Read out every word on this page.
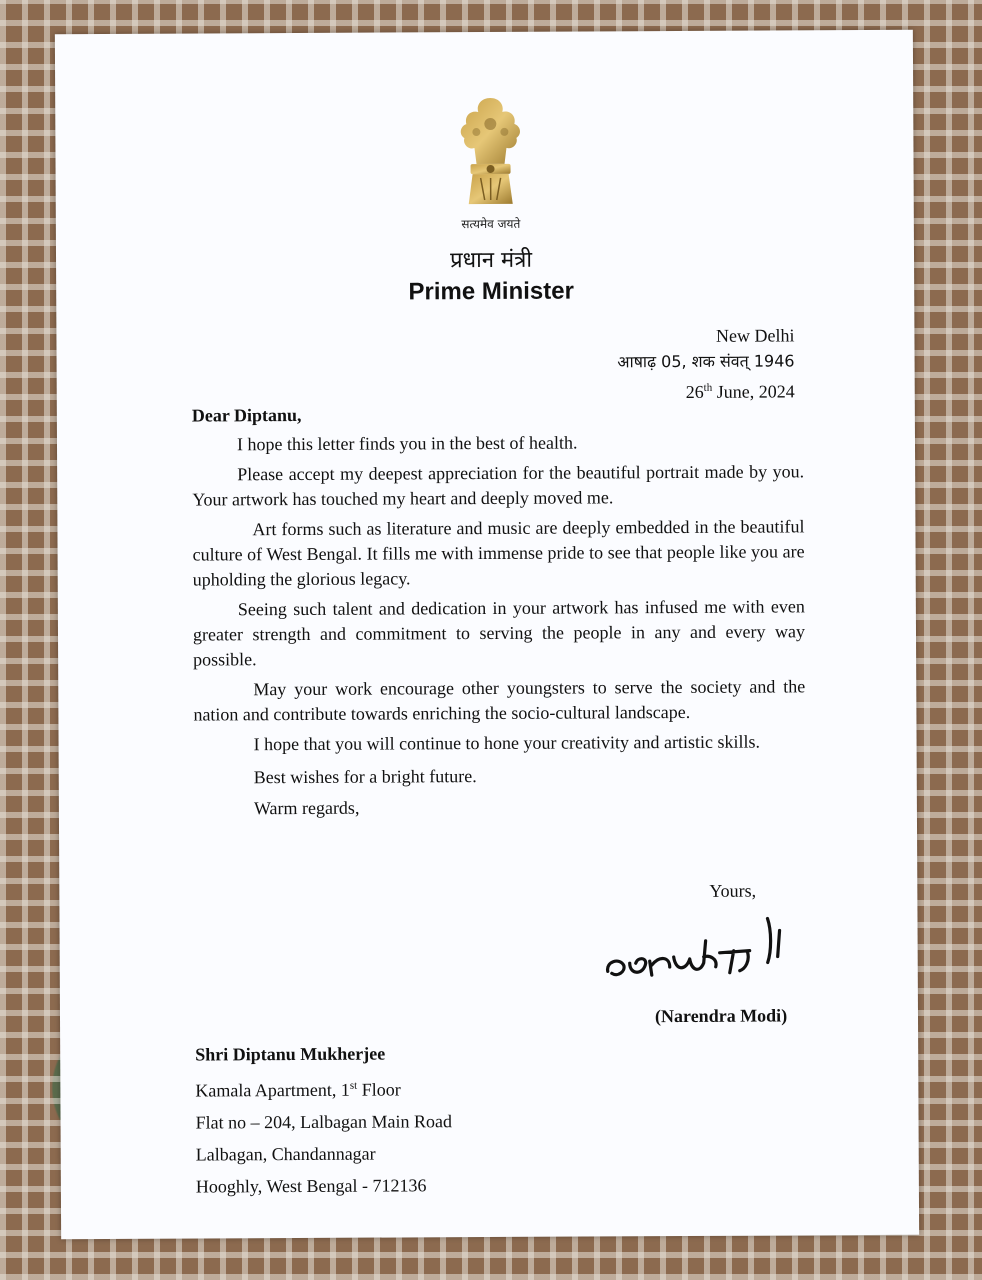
सत्यमेव जयते
प्रधान मंत्री
Prime Minister
New Delhi
आषाढ़ 05, शक संवत् 1946
26th June, 2024
Dear Diptanu,

I hope this letter finds you in the best of health.

Please accept my deepest appreciation for the beautiful portrait made by you. Your artwork has touched my heart and deeply moved me.

Art forms such as literature and music are deeply embedded in the beautiful culture of West Bengal. It fills me with immense pride to see that people like you are upholding the glorious legacy.

Seeing such talent and dedication in your artwork has infused me with even greater strength and commitment to serving the people in any and every way possible.

May your work encourage other youngsters to serve the society and the nation and contribute towards enriching the socio-cultural landscape.

I hope that you will continue to hone your creativity and artistic skills.

Best wishes for a bright future.
Warm regards,
Yours,
(Narendra Modi)
Shri Diptanu Mukherjee
Kamala Apartment, 1st Floor
Flat no – 204, Lalbagan Main Road
Lalbagan, Chandannagar
Hooghly, West Bengal - 712136
